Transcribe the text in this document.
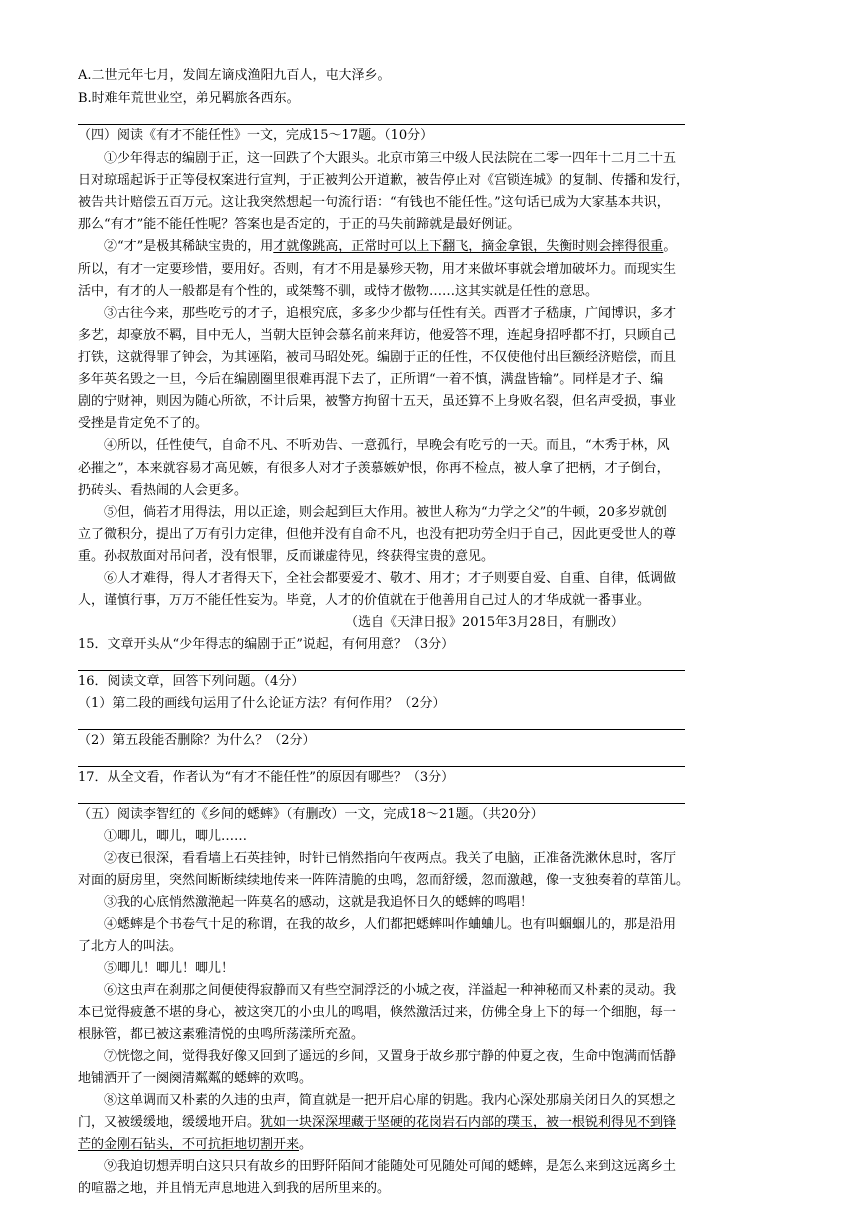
A.二世元年七月，发闾左谪戍渔阳九百人，屯大泽乡。
B.时难年荒世业空，弟兄羁旅各西东。
（四）阅读《有才不能任性》一文，完成15～17题。（10分）
①少年得志的编剧于正，这一回跌了个大跟头。北京市第三中级人民法院在二零一四年十二月二十五
日对琼瑶起诉于正等侵权案进行宣判，于正被判公开道歉，被告停止对《宫锁连城》的复制、传播和发行，
被告共计赔偿五百万元。这让我突然想起一句流行语：“有钱也不能任性。”这句话已成为大家基本共识，
那么“有才”能不能任性呢？答案也是否定的，于正的马失前蹄就是最好例证。
②“才”是极其稀缺宝贵的，用才就像跳高，正常时可以上下翻飞，摘金拿银，失衡时则会摔得很重。
所以，有才一定要珍惜，要用好。否则，有才不用是暴殄天物，用才来做坏事就会增加破坏力。而现实生
活中，有才的人一般都是有个性的，或桀骜不驯，或恃才傲物……这其实就是任性的意思。
③古往今来，那些吃亏的才子，追根究底，多多少少都与任性有关。西晋才子嵇康，广闻博识，多才
多艺，却豪放不羁，目中无人，当朝大臣钟会慕名前来拜访，他爱答不理，连起身招呼都不打，只顾自己
打铁，这就得罪了钟会，为其诬陷，被司马昭处死。编剧于正的任性，不仅使他付出巨额经济赔偿，而且
多年英名毁之一旦，今后在编剧圈里很难再混下去了，正所谓“一着不慎，满盘皆输”。同样是才子、编
剧的宁财神，则因为随心所欲，不计后果，被警方拘留十五天，虽还算不上身败名裂，但名声受损，事业
受挫是肯定免不了的。
④所以，任性使气，自命不凡、不听劝告、一意孤行，早晚会有吃亏的一天。而且，“木秀于林，风
必摧之”，本来就容易才高见嫉，有很多人对才子羡慕嫉妒恨，你再不检点，被人拿了把柄，才子倒台，
扔砖头、看热闹的人会更多。
⑤但，倘若才用得法，用以正途，则会起到巨大作用。被世人称为“力学之父”的牛顿，20多岁就创
立了微积分，提出了万有引力定律，但他并没有自命不凡，也没有把功劳全归于自己，因此更受世人的尊
重。孙叔敖面对吊问者，没有恨罪，反而谦虚待见，终获得宝贵的意见。
⑥人才难得，得人才者得天下，全社会都要爱才、敬才、用才；才子则要自爱、自重、自律，低调做
人，谨慎行事，万万不能任性妄为。毕竟，人才的价值就在于他善用自己过人的才华成就一番事业。
（选自《天津日报》2015年3月28日，有删改）
15．文章开头从“少年得志的编剧于正”说起，有何用意？（3分）
16．阅读文章，回答下列问题。（4分）
（1）第二段的画线句运用了什么论证方法？有何作用？（2分）
（2）第五段能否删除？为什么？（2分）
17．从全文看，作者认为“有才不能任性”的原因有哪些？（3分）
（五）阅读李智红的《乡间的蟋蟀》（有删改）一文，完成18～21题。（共20分）
①唧儿，唧儿，唧儿……
②夜已很深，看看墙上石英挂钟，时针已悄然指向午夜两点。我关了电脑，正准备洗漱休息时，客厅
对面的厨房里，突然间断断续续地传来一阵阵清脆的虫鸣，忽而舒缓，忽而激越，像一支独奏着的草笛儿。
③我的心底悄然激滟起一阵莫名的感动，这就是我追怀日久的蟋蟀的鸣唱！
④蟋蟀是个书卷气十足的称谓，在我的故乡，人们都把蟋蟀叫作蛐蛐儿。也有叫蝈蝈儿的，那是沿用
了北方人的叫法。
⑤唧儿！唧儿！唧儿！
⑥这虫声在刹那之间便使得寂静而又有些空洞浮泛的小城之夜，洋溢起一种神秘而又朴素的灵动。我
本已觉得疲惫不堪的身心，被这突兀的小虫儿的鸣唱，倏然激活过来，仿佛全身上下的每一个细胞，每一
根脉管，都已被这素雅清悦的虫鸣所荡漾所充盈。
⑦恍惚之间，觉得我好像又回到了遥远的乡间，又置身于故乡那宁静的仲夏之夜，生命中饱满而恬静
地铺洒开了一阕阕清粼粼的蟋蟀的欢鸣。
⑧这单调而又朴素的久违的虫声，简直就是一把开启心扉的钥匙。我内心深处那扇关闭日久的冥想之
门，又被缓缓地，缓缓地开启。犹如一块深深埋藏于坚硬的花岗岩石内部的璞玉，被一根锐利得见不到锋
芒的金刚石钻头，不可抗拒地切割开来。
⑨我迫切想弄明白这只只有故乡的田野阡陌间才能随处可见随处可闻的蟋蟀，是怎么来到这远离乡土
的喧嚣之地，并且悄无声息地进入到我的居所里来的。
